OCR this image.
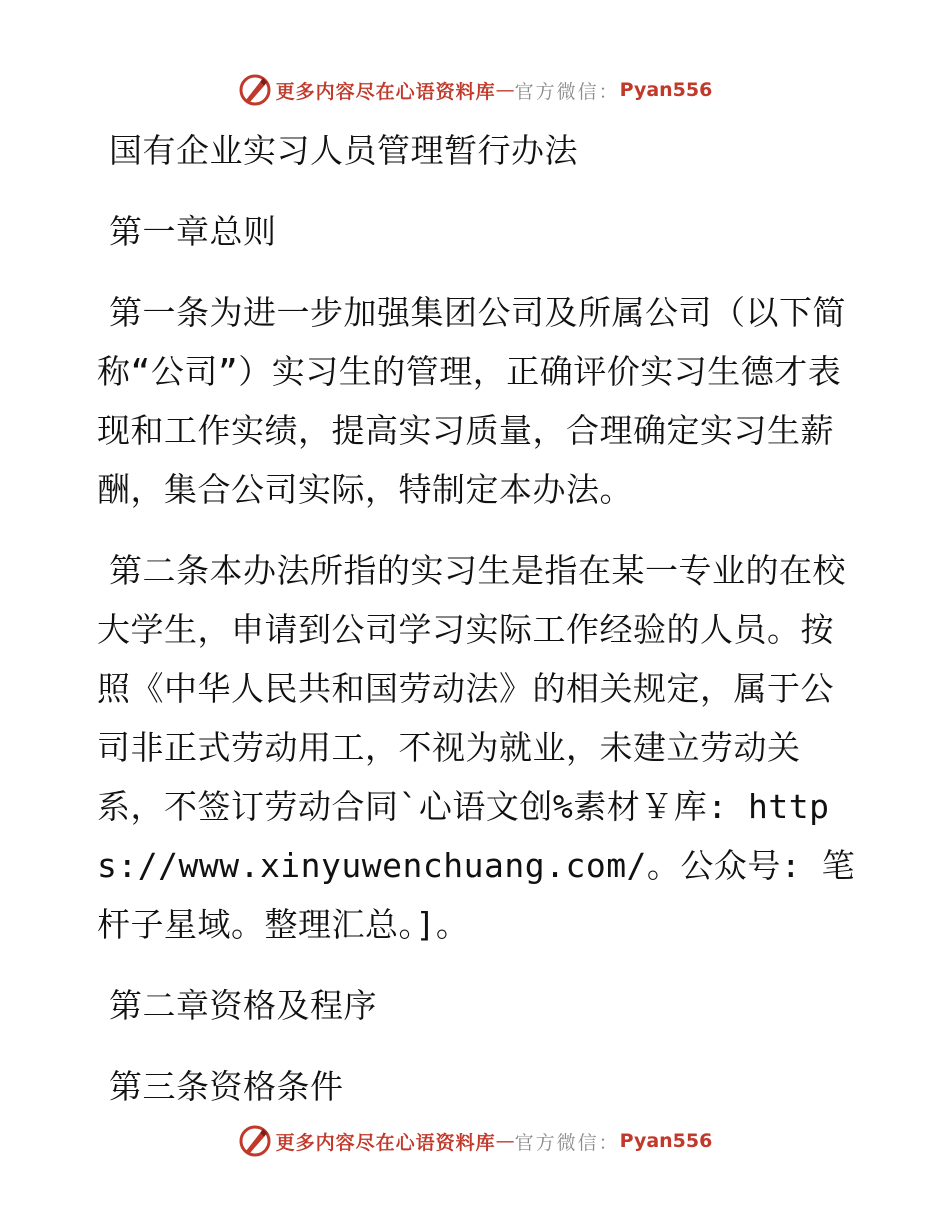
更多内容尽在心语资料库 — 官方微信： Pyan556

国有企业实习人员管理暂行办法

第一章总则

第一条为进一步加强集团公司及所属公司（以下简称“公司”）实习生的管理，正确评价实习生德才表现和工作实绩，提高实习质量，合理确定实习生薪酬，集合公司实际，特制定本办法。

第二条本办法所指的实习生是指在某一专业的在校大学生，申请到公司学习实际工作经验的人员。按照《中华人民共和国劳动法》的相关规定，属于公司非正式劳动用工，不视为就业，未建立劳动关系，不签订劳动合同`心语文创%素材￥库: https://www.xinyuwenchuang.com/。公众号: 笔杆子星域。整理汇总。]。

第二章资格及程序

第三条资格条件

更多内容尽在心语资料库 — 官方微信： Pyan556
